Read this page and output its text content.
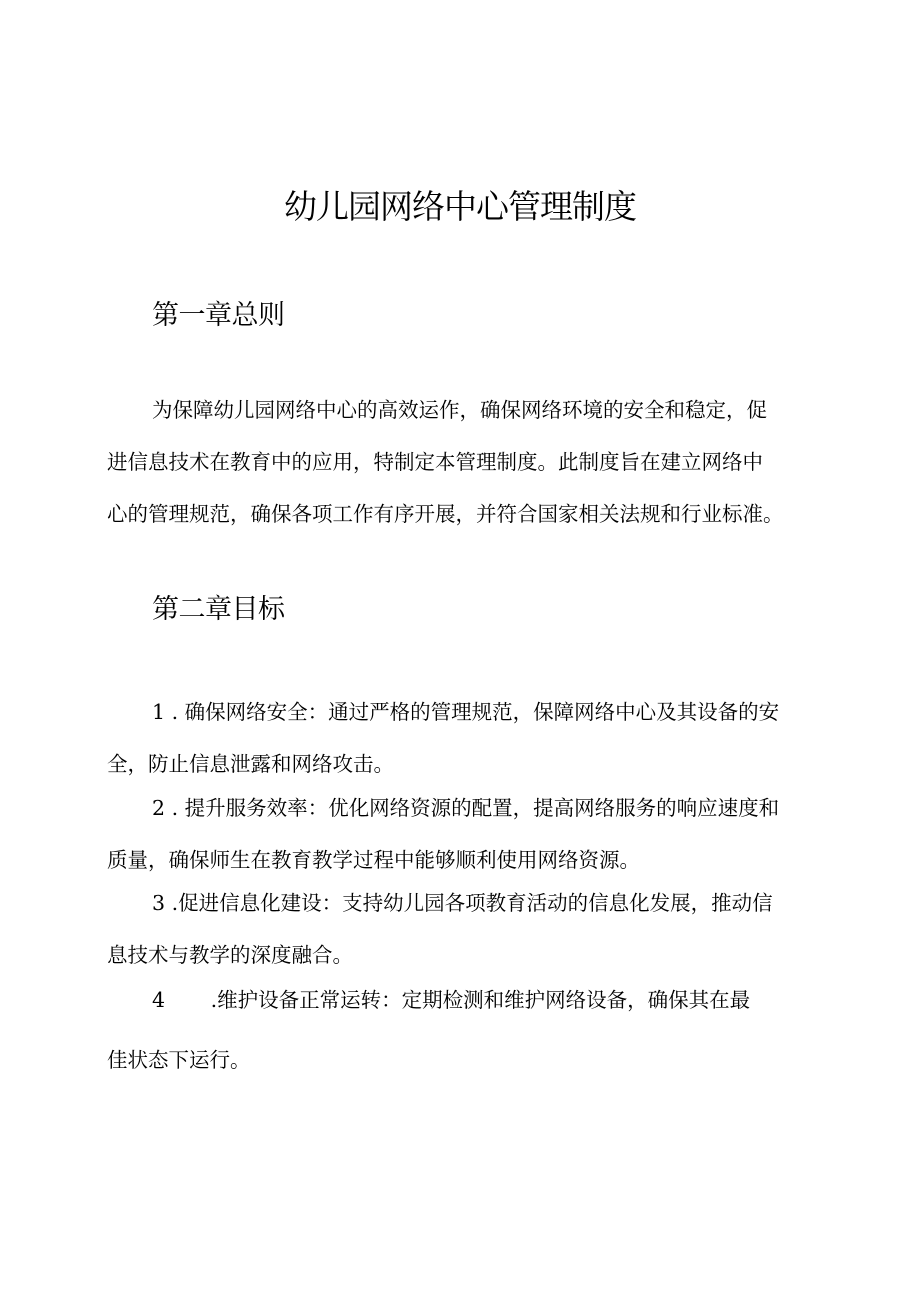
幼儿园网络中心管理制度
第一章总则
为保障幼儿园网络中心的高效运作，确保网络环境的安全和稳定，促
进信息技术在教育中的应用，特制定本管理制度。此制度旨在建立网络中
心的管理规范，确保各项工作有序开展，并符合国家相关法规和行业标准。
第二章目标
1 . 确保网络安全：通过严格的管理规范，保障网络中心及其设备的安
全，防止信息泄露和网络攻击。
2 . 提升服务效率：优化网络资源的配置，提高网络服务的响应速度和
质量，确保师生在教育教学过程中能够顺利使用网络资源。
3 .促进信息化建设：支持幼儿园各项教育活动的信息化发展，推动信
息技术与教学的深度融合。
4       .维护设备正常运转：定期检测和维护网络设备，确保其在最
佳状态下运行。
